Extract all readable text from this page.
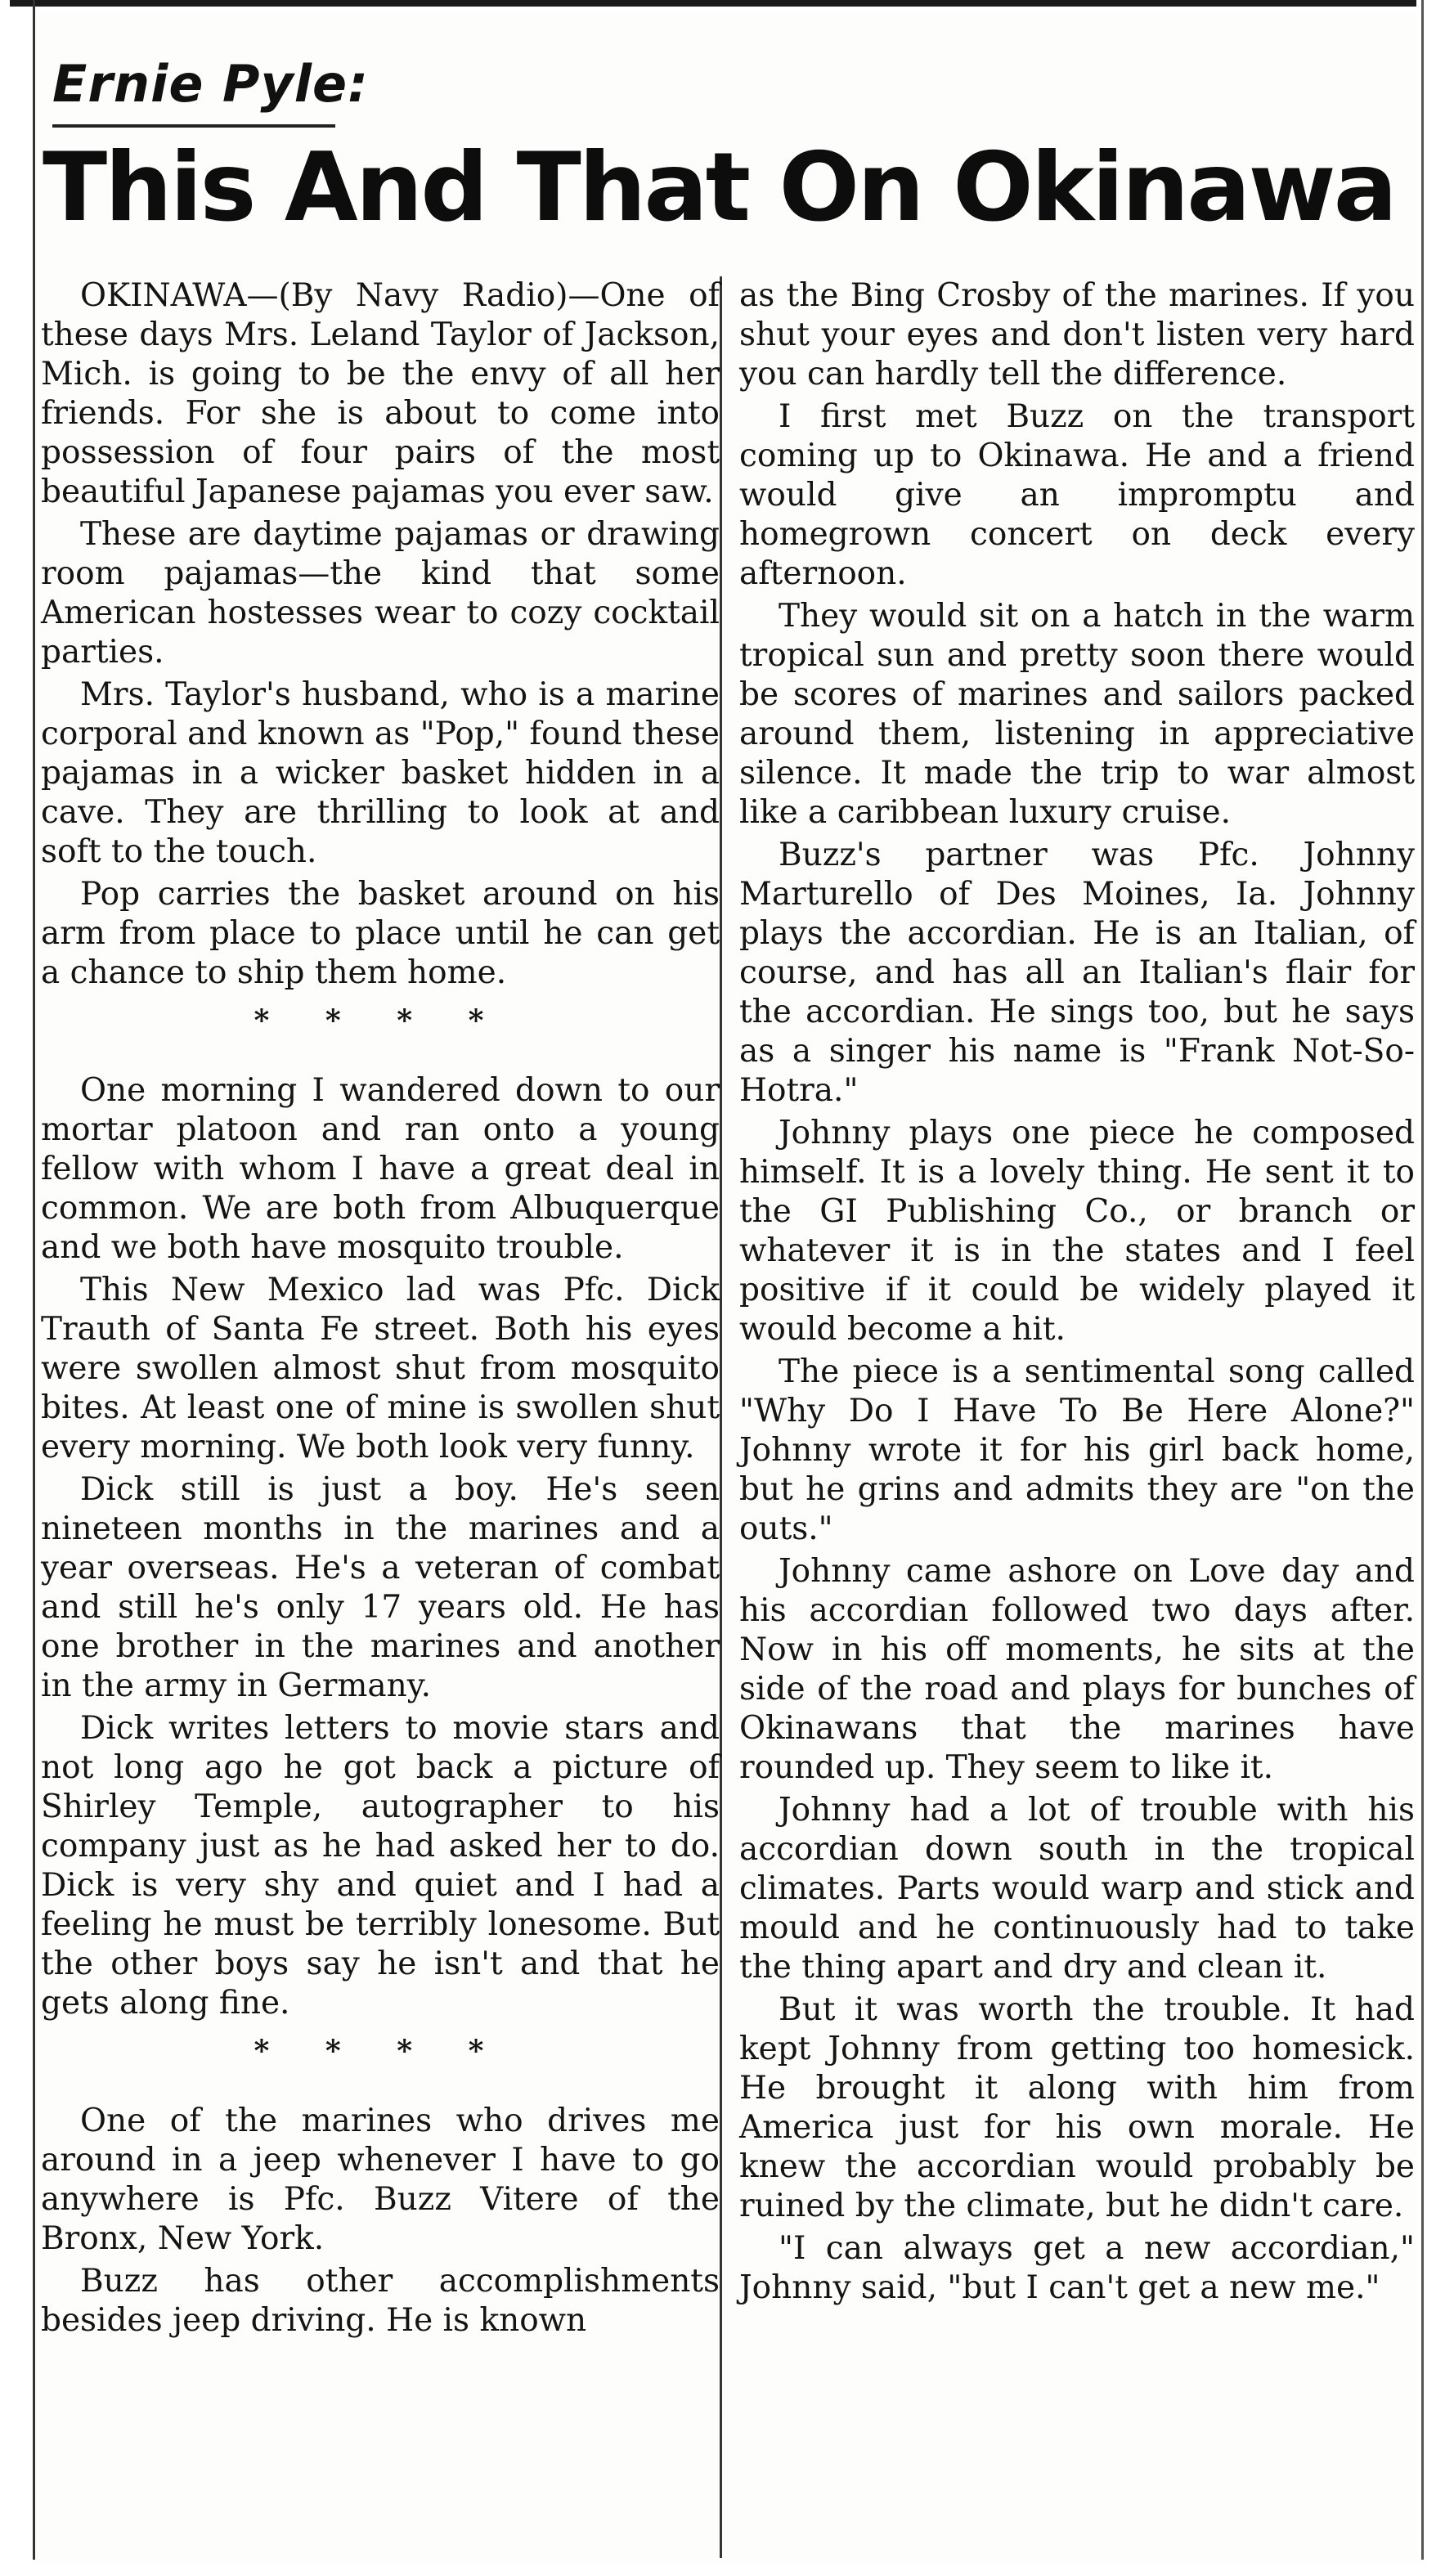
Ernie Pyle:
This And That On Okinawa

OKINAWA—(By Navy Radio)—One of these days Mrs. Leland Taylor of Jackson, Mich. is going to be the envy of all her friends. For she is about to come into possession of four pairs of the most beautiful Japanese pajamas you ever saw.

These are daytime pajamas or drawing room pajamas—the kind that some American hostesses wear to cozy cocktail parties.

Mrs. Taylor's husband, who is a marine corporal and known as "Pop," found these pajamas in a wicker basket hidden in a cave. They are thrilling to look at and soft to the touch.

Pop carries the basket around on his arm from place to place until he can get a chance to ship them home.

* * * *

One morning I wandered down to our mortar platoon and ran onto a young fellow with whom I have a great deal in common. We are both from Albuquerque and we both have mosquito trouble.

This New Mexico lad was Pfc. Dick Trauth of Santa Fe street. Both his eyes were swollen almost shut from mosquito bites. At least one of mine is swollen shut every morning. We both look very funny.

Dick still is just a boy. He's seen nineteen months in the marines and a year overseas. He's a veteran of combat and still he's only 17 years old. He has one brother in the marines and another in the army in Germany.

Dick writes letters to movie stars and not long ago he got back a picture of Shirley Temple, autographer to his company just as he had asked her to do. Dick is very shy and quiet and I had a feeling he must be terribly lonesome. But the other boys say he isn't and that he gets along fine.

* * * *

One of the marines who drives me around in a jeep whenever I have to go anywhere is Pfc. Buzz Vitere of the Bronx, New York.

Buzz has other accomplishments besides jeep driving. He is known

as the Bing Crosby of the marines. If you shut your eyes and don't listen very hard you can hardly tell the difference.

I first met Buzz on the transport coming up to Okinawa. He and a friend would give an impromptu and homegrown concert on deck every afternoon.

They would sit on a hatch in the warm tropical sun and pretty soon there would be scores of marines and sailors packed around them, listening in appreciative silence. It made the trip to war almost like a caribbean luxury cruise.

Buzz's partner was Pfc. Johnny Marturello of Des Moines, Ia. Johnny plays the accordian. He is an Italian, of course, and has all an Italian's flair for the accordian. He sings too, but he says as a singer his name is "Frank Not-So-Hotra."

Johnny plays one piece he composed himself. It is a lovely thing. He sent it to the GI Publishing Co., or branch or whatever it is in the states and I feel positive if it could be widely played it would become a hit.

The piece is a sentimental song called "Why Do I Have To Be Here Alone?" Johnny wrote it for his girl back home, but he grins and admits they are "on the outs."

Johnny came ashore on Love day and his accordian followed two days after. Now in his off moments, he sits at the side of the road and plays for bunches of Okinawans that the marines have rounded up. They seem to like it.

Johnny had a lot of trouble with his accordian down south in the tropical climates. Parts would warp and stick and mould and he continuously had to take the thing apart and dry and clean it.

But it was worth the trouble. It had kept Johnny from getting too homesick. He brought it along with him from America just for his own morale. He knew the accordian would probably be ruined by the climate, but he didn't care.

"I can always get a new accordian," Johnny said, "but I can't get a new me."
